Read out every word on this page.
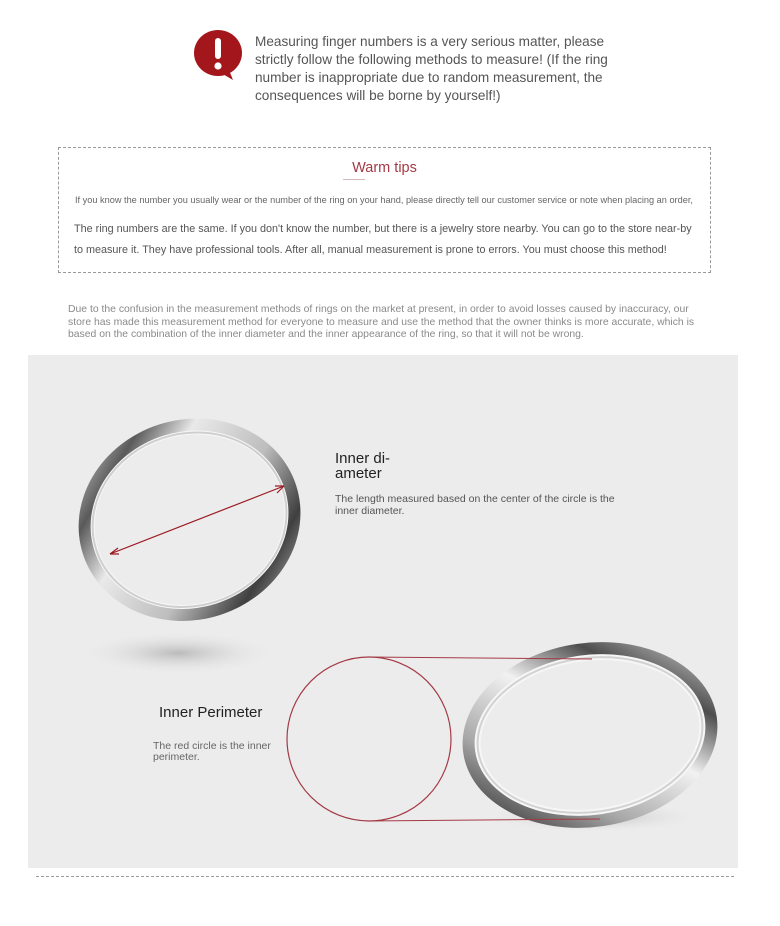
Measuring finger numbers is a very serious matter, please strictly follow the following methods to measure! (If the ring number is inappropriate due to random measurement, the consequences will be borne by yourself!)
Warm tips
If you know the number you usually wear or the number of the ring on your hand, please directly tell our customer service or note when placing an order,
The ring numbers are the same. If you don't know the number, but there is a jewelry store nearby. You can go to the store near-by to measure it. They have professional tools. After all, manual measurement is prone to errors. You must choose this method!
Due to the confusion in the measurement methods of rings on the market at present, in order to avoid losses caused by inaccuracy, our store has made this measurement method for everyone to measure and use the method that the owner thinks is more accurate, which is based on the combination of the inner diameter and the inner appearance of the ring, so that it will not be wrong.
Inner di- ameter
The length measured based on the center of the circle is the inner diameter.
Inner Perimeter
The red circle is the inner perimeter.
